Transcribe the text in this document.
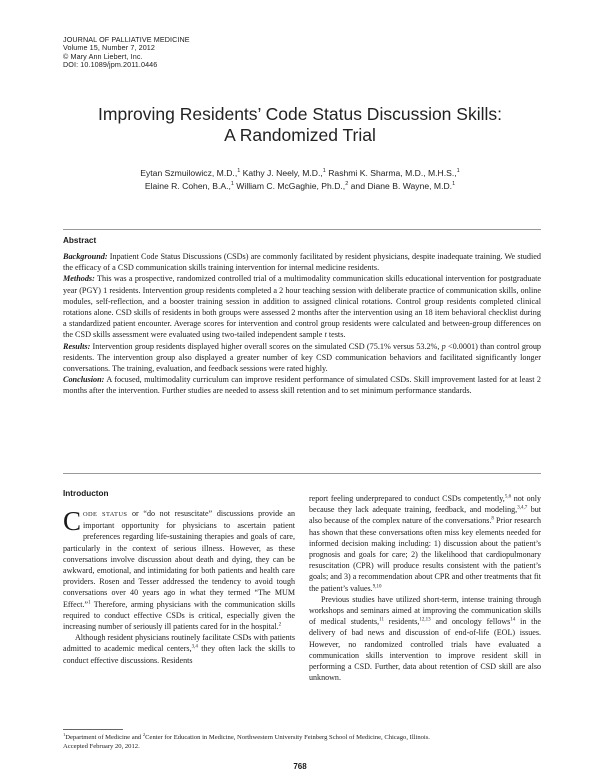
JOURNAL OF PALLIATIVE MEDICINE
Volume 15, Number 7, 2012
© Mary Ann Liebert, Inc.
DOI: 10.1089/jpm.2011.0446
Improving Residents’ Code Status Discussion Skills:
A Randomized Trial
Eytan Szmuilowicz, M.D.,$^1$ Kathy J. Neely, M.D.,$^1$ Rashmi K. Sharma, M.D., M.H.S.,$^1$
Elaine R. Cohen, B.A.,$^1$ William C. McGaghie, Ph.D.,$^2$ and Diane B. Wayne, M.D.$^1$
Abstract

Background: Inpatient Code Status Discussions (CSDs) are commonly facilitated by resident physicians, despite inadequate training. We studied the efficacy of a CSD communication skills training intervention for internal medicine residents.

Methods: This was a prospective, randomized controlled trial of a multimodality communication skills educational intervention for postgraduate year (PGY) 1 residents. Intervention group residents completed a 2 hour teaching session with deliberate practice of communication skills, online modules, self-reflection, and a booster training session in addition to assigned clinical rotations. Control group residents completed clinical rotations alone. CSD skills of residents in both groups were assessed 2 months after the intervention using an 18 item behavioral checklist during a standardized patient encounter. Average scores for intervention and control group residents were calculated and between-group differences on the CSD skills assessment were evaluated using two-tailed independent sample t tests.

Results: Intervention group residents displayed higher overall scores on the simulated CSD (75.1% versus 53.2%, p <0.0001) than control group residents. The intervention group also displayed a greater number of key CSD communication behaviors and facilitated significantly longer conversations. The training, evaluation, and feedback sessions were rated highly.

Conclusion: A focused, multimodality curriculum can improve resident performance of simulated CSDs. Skill improvement lasted for at least 2 months after the intervention. Further studies are needed to assess skill retention and to set minimum performance standards.

Introducton

CODE STATUS or “do not resuscitate” discussions provide an important opportunity for physicians to ascertain patient preferences regarding life-sustaining therapies and goals of care, particularly in the context of serious illness. However, as these conversations involve discussion about death and dying, they can be awkward, emotional, and intimidating for both patients and health care providers. Rosen and Tesser addressed the tendency to avoid tough conversations over 40 years ago in what they termed “The MUM Effect.”$^1$ Therefore, arming physicians with the communication skills required to conduct effective CSDs is critical, especially given the increasing number of seriously ill patients cared for in the hospital.$^2$

Although resident physicians routinely facilitate CSDs with patients admitted to academic medical centers,$^{3,4}$ they often lack the skills to conduct effective discussions. Residents

report feeling underprepared to conduct CSDs competently,$^{5,6}$ not only because they lack adequate training, feedback, and modeling,$^{3,4,7}$ but also because of the complex nature of the conversations.$^8$ Prior research has shown that these conversations often miss key elements needed for informed decision making including: 1) discussion about the patient’s prognosis and goals for care; 2) the likelihood that cardiopulmonary resuscitation (CPR) will produce results consistent with the patient’s goals; and 3) a recommendation about CPR and other treatments that fit the patient’s values.$^{9,10}$

Previous studies have utilized short-term, intense training through workshops and seminars aimed at improving the communication skills of medical students,$^{11}$ residents,$^{12,13}$ and oncology fellows$^{14}$ in the delivery of bad news and discussion of end-of-life (EOL) issues. However, no randomized controlled trials have evaluated a communication skills intervention to improve resident skill in performing a CSD. Further, data about retention of CSD skill are also unknown.

$^1$Department of Medicine and $^2$Center for Education in Medicine, Northwestern University Feinberg School of Medicine, Chicago, Illinois.
Accepted February 20, 2012.
768
